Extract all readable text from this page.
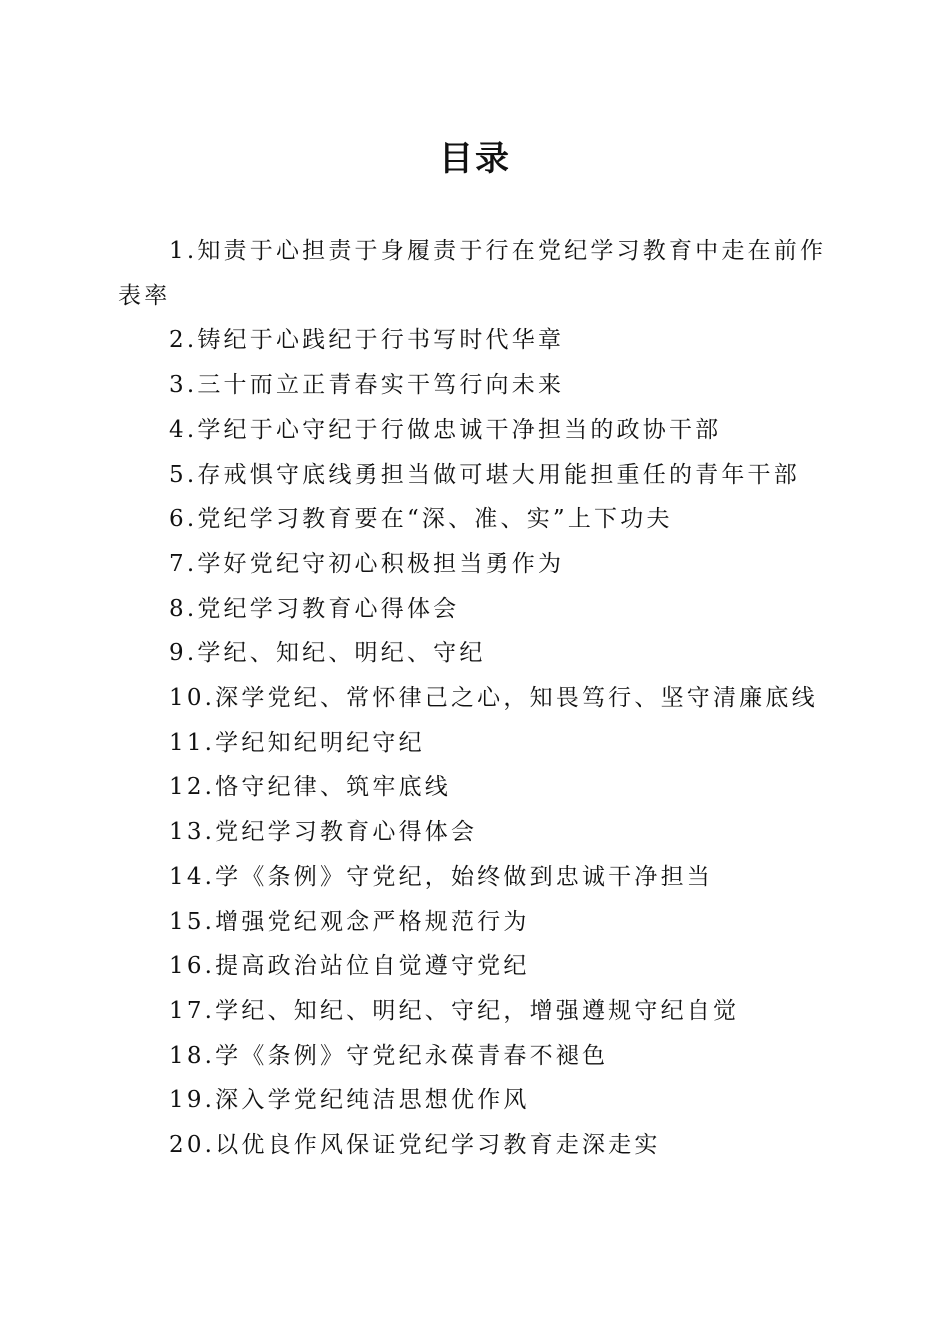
目录
1.知责于心担责于身履责于行在党纪学习教育中走在前作表率
2.铸纪于心践纪于行书写时代华章
3.三十而立正青春实干笃行向未来
4.学纪于心守纪于行做忠诚干净担当的政协干部
5.存戒惧守底线勇担当做可堪大用能担重任的青年干部
6.党纪学习教育要在“深、准、实”上下功夫
7.学好党纪守初心积极担当勇作为
8.党纪学习教育心得体会
9.学纪、知纪、明纪、守纪
10.深学党纪、常怀律己之心，知畏笃行、坚守清廉底线
11.学纪知纪明纪守纪
12.恪守纪律、筑牢底线
13.党纪学习教育心得体会
14.学《条例》守党纪，始终做到忠诚干净担当
15.增强党纪观念严格规范行为
16.提高政治站位自觉遵守党纪
17.学纪、知纪、明纪、守纪，增强遵规守纪自觉
18.学《条例》守党纪永葆青春不褪色
19.深入学党纪纯洁思想优作风
20.以优良作风保证党纪学习教育走深走实
